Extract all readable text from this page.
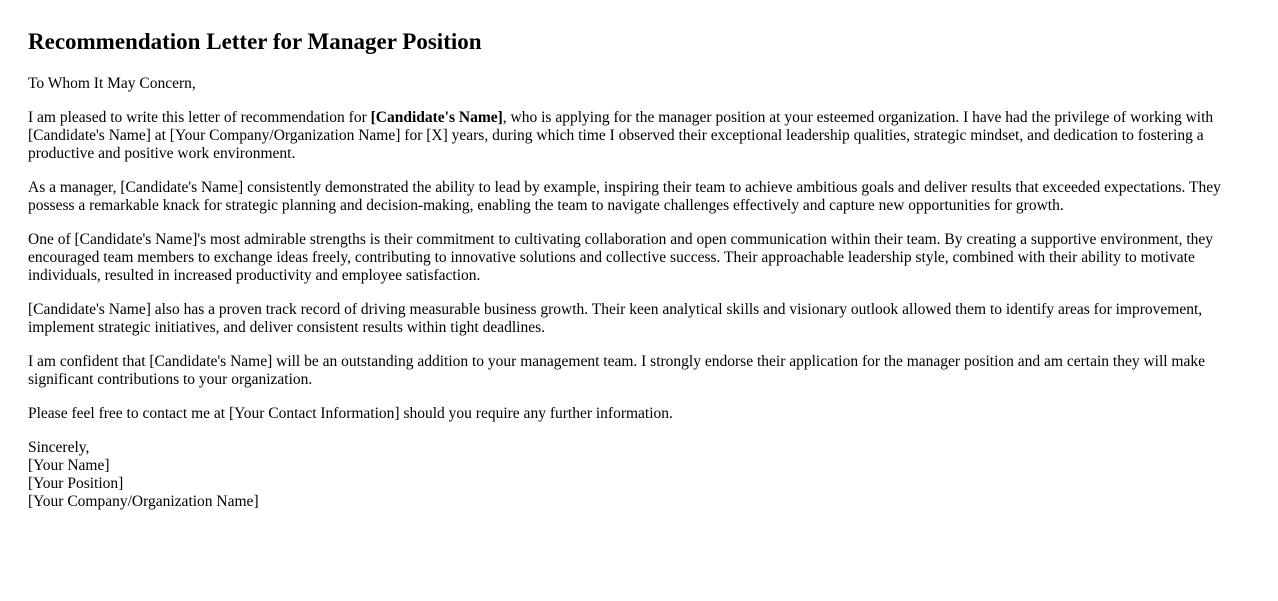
Recommendation Letter for Manager Position
To Whom It May Concern,

I am pleased to write this letter of recommendation for [Candidate's Name], who is applying for the manager position at your esteemed organization. I have had the privilege of working with [Candidate's Name] at [Your Company/Organization Name] for [X] years, during which time I observed their exceptional leadership qualities, strategic mindset, and dedication to fostering a productive and positive work environment.

As a manager, [Candidate's Name] consistently demonstrated the ability to lead by example, inspiring their team to achieve ambitious goals and deliver results that exceeded expectations. They possess a remarkable knack for strategic planning and decision-making, enabling the team to navigate challenges effectively and capture new opportunities for growth.

One of [Candidate's Name]'s most admirable strengths is their commitment to cultivating collaboration and open communication within their team. By creating a supportive environment, they encouraged team members to exchange ideas freely, contributing to innovative solutions and collective success. Their approachable leadership style, combined with their ability to motivate individuals, resulted in increased productivity and employee satisfaction.

[Candidate's Name] also has a proven track record of driving measurable business growth. Their keen analytical skills and visionary outlook allowed them to identify areas for improvement, implement strategic initiatives, and deliver consistent results within tight deadlines.

I am confident that [Candidate's Name] will be an outstanding addition to your management team. I strongly endorse their application for the manager position and am certain they will make significant contributions to your organization.

Please feel free to contact me at [Your Contact Information] should you require any further information.

Sincerely,
[Your Name]
[Your Position]
[Your Company/Organization Name]
